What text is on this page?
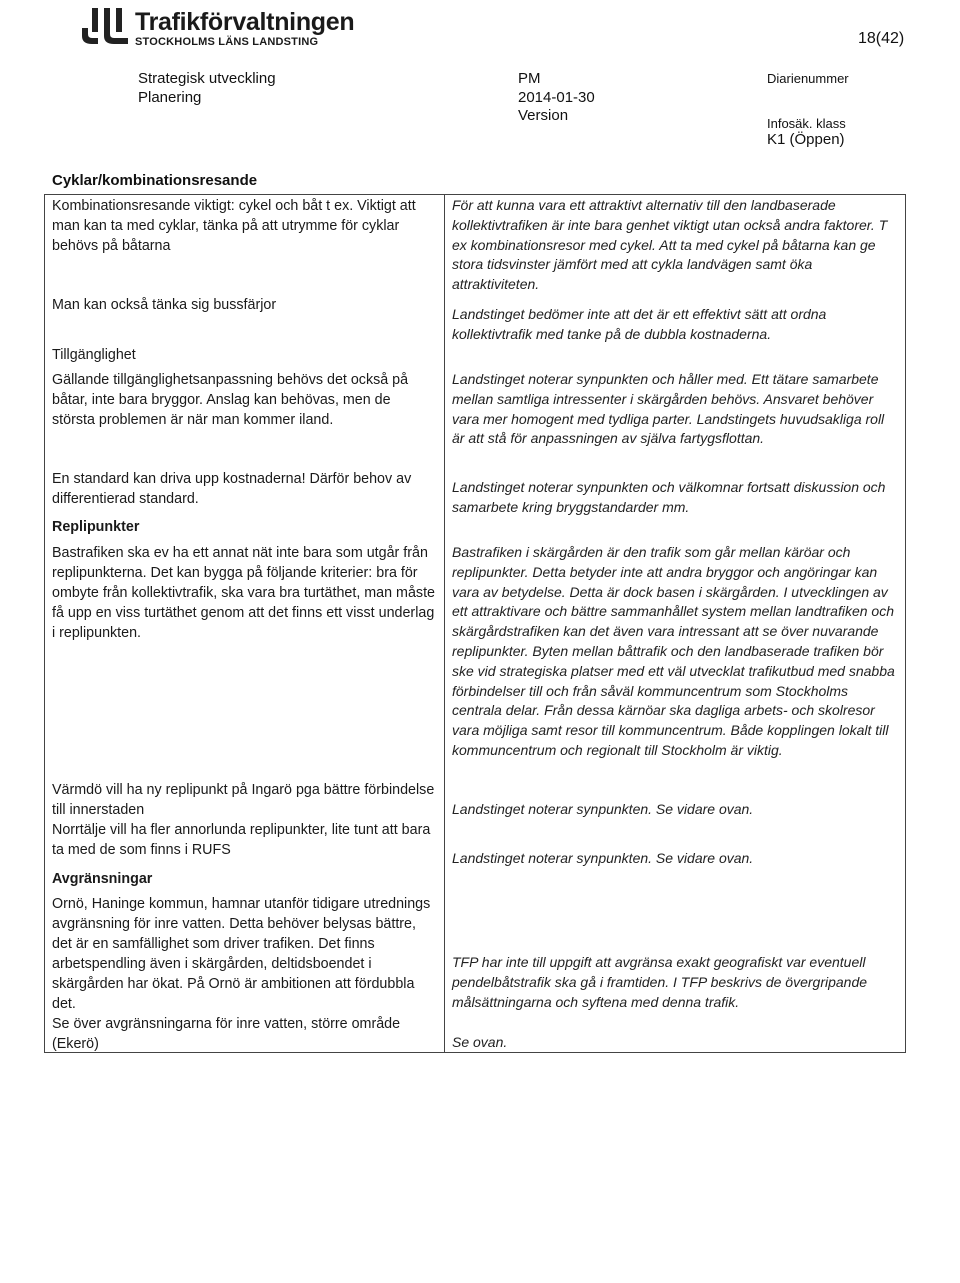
Trafikförvaltningen
STOCKHOLMS LÄNS LANDSTING	18(42)
Strategisk utveckling
Planering
PM
2014-01-30
Version
Diarienummer
Infosäk. klass
K1 (Öppen)
Cyklar/kombinationsresande

Kombinationsresande viktigt: cykel och båt t ex. Viktigt att man kan ta med cyklar, tänka på att utrymme för cyklar behövs på båtarna

Man kan också tänka sig bussfärjor

Tillgänglighet

Gällande tillgänglighetsanpassning behövs det också på båtar, inte bara bryggor. Anslag kan behövas, men de största problemen är när man kommer iland.

En standard kan driva upp kostnaderna! Därför behov av differentierad standard.

Replipunkter

Bastrafiken ska ev ha ett annat nät inte bara som utgår från replipunkterna. Det kan bygga på följande kriterier: bra för ombyte från kollektivtrafik, ska vara bra turtäthet, man måste få upp en viss turtäthet genom att det finns ett visst underlag i replipunkten.

Värmdö vill ha ny replipunkt på Ingarö pga bättre förbindelse till innerstaden

Norrtälje vill ha fler annorlunda replipunkter, lite tunt att bara ta med de som finns i RUFS

Avgränsningar

Ornö, Haninge kommun, hamnar utanför tidigare utrednings avgränsning för inre vatten. Detta behöver belysas bättre, det är en samfällighet som driver trafiken. Det finns arbetspendling även i skärgården, deltidsboendet i skärgården har ökat. På Ornö är ambitionen att fördubbla det.

Se över avgränsningarna för inre vatten, större område (Ekerö)

För att kunna vara ett attraktivt alternativ till den landbaserade kollektivtrafiken är inte bara genhet viktigt utan också andra faktorer. T ex kombinationsresor med cykel. Att ta med cykel på båtarna kan ge stora tidsvinster jämfört med att cykla landvägen samt öka attraktiviteten.

Landstinget bedömer inte att det är ett effektivt sätt att ordna kollektivtrafik med tanke på de dubbla kostnaderna.

Landstinget noterar synpunkten och håller med. Ett tätare samarbete mellan samtliga intressenter i skärgården behövs. Ansvaret behöver vara mer homogent med tydliga parter. Landstingets huvudsakliga roll är att stå för anpassningen av själva fartygsflottan.

Landstinget noterar synpunkten och välkomnar fortsatt diskussion och samarbete kring bryggstandarder mm.

Bastrafiken i skärgården är den trafik som går mellan käröar och replipunkter. Detta betyder inte att andra bryggor och angöringar kan vara av betydelse. Detta är dock basen i skärgården. I utvecklingen av ett attraktivare och bättre sammanhållet system mellan landtrafiken och skärgårdstrafiken kan det även vara intressant att se över nuvarande replipunkter. Byten mellan båttrafik och den landbaserade trafiken bör ske vid strategiska platser med ett väl utvecklat trafikutbud med snabba förbindelser till och från såväl kommuncentrum som Stockholms centrala delar. Från dessa kärnöar ska dagliga arbets- och skolresor vara möjliga samt resor till kommuncentrum. Både kopplingen lokalt till kommuncentrum och regionalt till Stockholm är viktig.

Landstinget noterar synpunkten. Se vidare ovan.

Landstinget noterar synpunkten. Se vidare ovan.

TFP har inte till uppgift att avgränsa exakt geografiskt var eventuell pendelbåtstrafik ska gå i framtiden. I TFP beskrivs de övergripande målsättningarna och syftena med denna trafik.

Se ovan.
